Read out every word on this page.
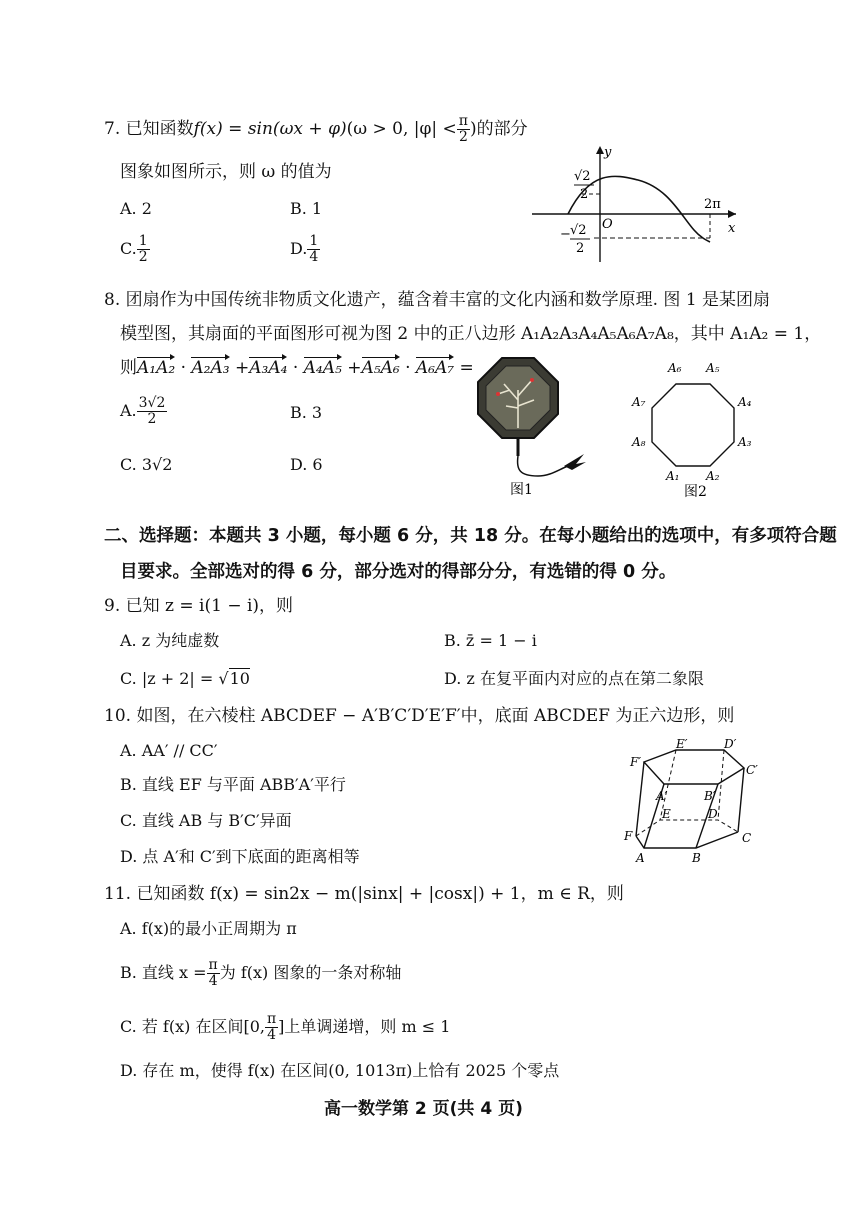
7. 已知函数f(x) = sin(ωx + φ)(ω > 0, $|\varphi| < \frac{\pi}{2}$ )的部分
图象如图所示，则 ω 的值为
A. 2	B. 1
C. $\frac{1}{2}$	D. $\frac{1}{4}$
y
x
O
√2
2
− √2
2
2π
8. 团扇作为中国传统非物质文化遗产，蕴含着丰富的文化内涵和数学原理. 图 1 是某团扇
模型图，其扇面的平面图形可视为图 2 中的正八边形 A₁A₂A₃A₄A₅A₆A₇A₈，其中 A₁A₂ = 1，
则A₁A₂ · A₂A₃ +A₃A₄ · A₄A₅ +A₅A₆ · A₆A₇ =
A. $\frac{3√2}{2}$	B. 3
C. 3√2	D. 6
图1
A₁ A₂
A₃
A₄
A₅
A₆
A₇
A₈
图2
二、选择题：本题共 3 小题，每小题 6 分，共 18 分。在每小题给出的选项中，有多项符合题
目要求。全部选对的得 6 分，部分选对的得部分分，有选错的得 0 分。
9. 已知 z = i(1 − i)，则
A. z 为纯虚数	B. z̄ = 1 − i
C. |z + 2| = √10	D. z 在复平面内对应的点在第二象限
10. 如图，在六棱柱 ABCDEF − A′B′C′D′E′F′中，底面 ABCDEF 为正六边形，则
A. AA′ // CC′
B. 直线 EF 与平面 ABB′A′平行
C. 直线 AB 与 B′C′异面
D. 点 A′和 C′到下底面的距离相等	A	B
C
D
E
F
A′	B′
C′
D′
E′
F′
11. 已知函数 f(x) = sin2x − m(|sinx| + |cosx|) + 1，m ∈ R，则
A. f(x)的最小正周期为 π
B. 直线 $x = \frac{\pi}{4}$ 为 f(x) 图象的一条对称轴
C. 若 f(x) 在区间[0, $\frac{\pi}{4}$ ]上单调递增，则 m ≤ 1
D. 存在 m，使得 f(x) 在区间(0, 1013π)上恰有 2025 个零点
高一数学第 2 页(共 4 页)
